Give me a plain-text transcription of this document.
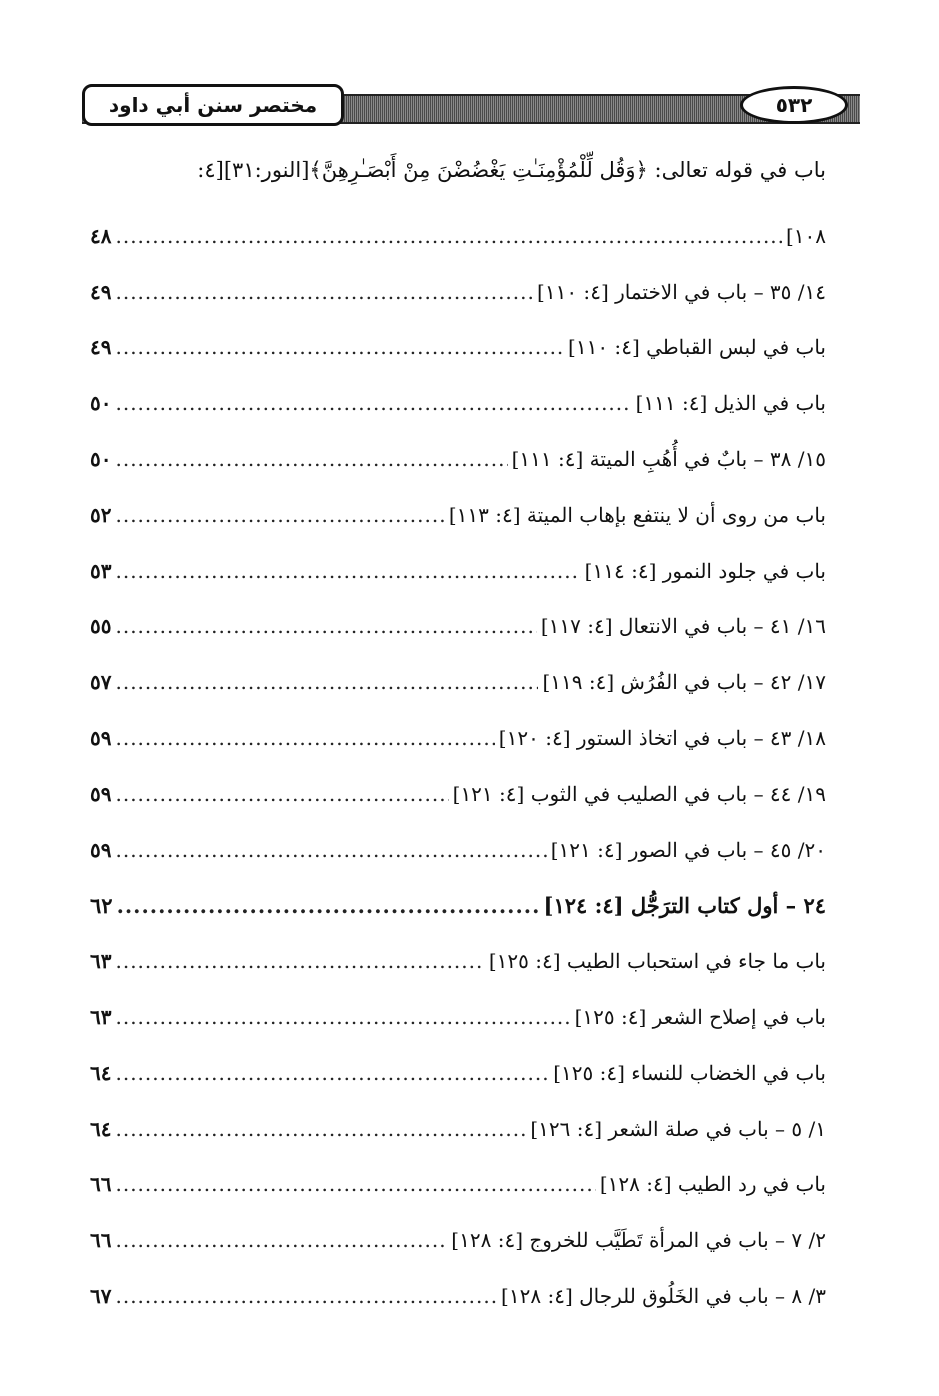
مختصر سنن أبي داود	٥٣٢
باب في قوله تعالى: ﴿وَقُل لِّلْمُؤْمِنَـٰتِ يَغْضُضْنَ مِنْ أَبْصَـٰرِهِنَّ﴾[النور:٣١][٤:
١٠٨]
.....
٤٨
١٤/ ٣٥ – باب في الاختمار [٤: ١١٠]
.....
٤٩
باب في لبس القباطي [٤: ١١٠]
.....
٤٩
باب في الذيل [٤: ١١١]
.....
٥٠
١٥/ ٣٨ – بابٌ في أُهُبِ الميتة [٤: ١١١]
.....
٥٠
باب من روى أن لا ينتفع بإهاب الميتة [٤: ١١٣]
.....
٥٢
باب في جلود النمور [٤: ١١٤]
.....
٥٣
١٦/ ٤١ – باب في الانتعال [٤: ١١٧]
.....
٥٥
١٧/ ٤٢ – باب في الفُرُش [٤: ١١٩]
.....
٥٧
١٨/ ٤٣ – باب في اتخاذ الستور [٤: ١٢٠]
.....
٥٩
١٩/ ٤٤ – باب في الصليب في الثوب [٤: ١٢١]
.....
٥٩
٢٠/ ٤٥ – باب في الصور [٤: ١٢١]
.....
٥٩
٢٤ – أول كتاب الترَجُّل [٤: ١٢٤]
.....
٦٢
باب ما جاء في استحباب الطيب [٤: ١٢٥]
.....
٦٣
باب في إصلاح الشعر [٤: ١٢٥]
.....
٦٣
باب في الخضاب للنساء [٤: ١٢٥]
.....
٦٤
١/ ٥ – باب في صلة الشعر [٤: ١٢٦]
.....
٦٤
باب في رد الطيب [٤: ١٢٨]
.....
٦٦
٢/ ٧ – باب في المرأة تَطَيَّب للخروج [٤: ١٢٨]
.....
٦٦
٣/ ٨ – باب في الخَلُوق للرجال [٤: ١٢٨]
.....
٦٧
